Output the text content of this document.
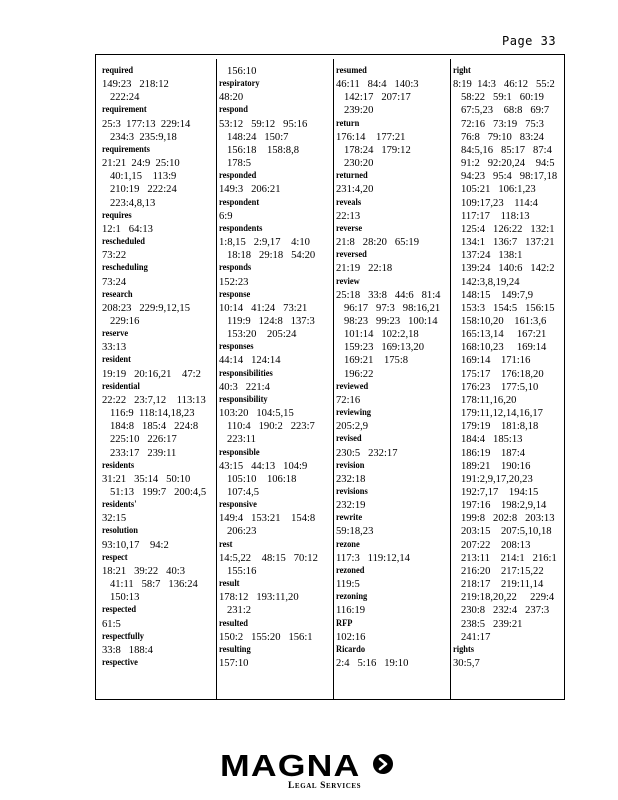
Page 33
required
149:23   218:12
222:24
requirement
25:3  177:13  229:14
234:3  235:9,18
requirements
21:21  24:9  25:10
40:1,15    113:9
210:19   222:24
223:4,8,13
requires
12:1   64:13
rescheduled
73:22
rescheduling
73:24
research
208:23   229:9,12,15
229:16
reserve
33:13
resident
19:19   20:16,21    47:2
residential
22:22   23:7,12    113:13
116:9  118:14,18,23
184:8   185:4   224:8
225:10   226:17
233:17   239:11
residents
31:21   35:14   50:10
51:13   199:7   200:4,5
residents'
32:15
resolution
93:10,17    94:2
respect
18:21   39:22   40:3
41:11   58:7   136:24
150:13
respected
61:5
respectfully
33:8   188:4
respective
156:10
respiratory
48:20
respond
53:12   59:12   95:16
148:24   150:7
156:18    158:8,8
178:5
responded
149:3   206:21
respondent
6:9
respondents
1:8,15   2:9,17    4:10
18:18   29:18   54:20
responds
152:23
response
10:14   41:24   73:21
119:9   124:8   137:3
153:20    205:24
responses
44:14   124:14
responsibilities
40:3   221:4
responsibility
103:20   104:5,15
110:4   190:2   223:7
223:11
responsible
43:15   44:13   104:9
105:10    106:18
107:4,5
responsive
149:4   153:21    154:8
206:23
rest
14:5,22    48:15   70:12
155:16
result
178:12   193:11,20
231:2
resulted
150:2   155:20   156:1
resulting
157:10
resumed
46:11   84:4   140:3
142:17   207:17
239:20
return
176:14    177:21
178:24   179:12
230:20
returned
231:4,20
reveals
22:13
reverse
21:8   28:20   65:19
reversed
21:19   22:18
review
25:18   33:8   44:6   81:4
96:17   97:3   98:16,21
98:23   99:23   100:14
101:14   102:2,18
159:23   169:13,20
169:21    175:8
196:22
reviewed
72:16
reviewing
205:2,9
revised
230:5   232:17
revision
232:18
revisions
232:19
rewrite
59:18,23
rezone
117:3   119:12,14
rezoned
119:5
rezoning
116:19
RFP
102:16
Ricardo
2:4   5:16   19:10
right
8:19  14:3   46:12   55:2
58:22   59:1   60:19
67:5,23    68:8   69:7
72:16   73:19   75:3
76:8   79:10   83:24
84:5,16   85:17   87:4
91:2   92:20,24    94:5
94:23   95:4   98:17,18
105:21   106:1,23
109:17,23    114:4
117:17    118:13
125:4   126:22   132:1
134:1   136:7   137:21
137:24   138:1
139:24   140:6   142:2
142:3,8,19,24
148:15    149:7,9
153:3   154:5   156:15
158:10,20    161:3,6
165:13,14     167:21
168:10,23     169:14
169:14    171:16
175:17    176:18,20
176:23    177:5,10
178:11,16,20
179:11,12,14,16,17
179:19    181:8,18
184:4   185:13
186:19    187:4
189:21    190:16
191:2,9,17,20,23
192:7,17    194:15
197:16    198:2,9,14
199:8   202:8   203:13
203:15    207:5,10,18
207:22    208:13
213:11    214:1   216:1
216:20    217:15,22
218:17    219:11,14
219:18,20,22     229:4
230:8   232:4   237:3
238:5   239:21
241:17
rights
30:5,7
MAGNA
Legal Services
